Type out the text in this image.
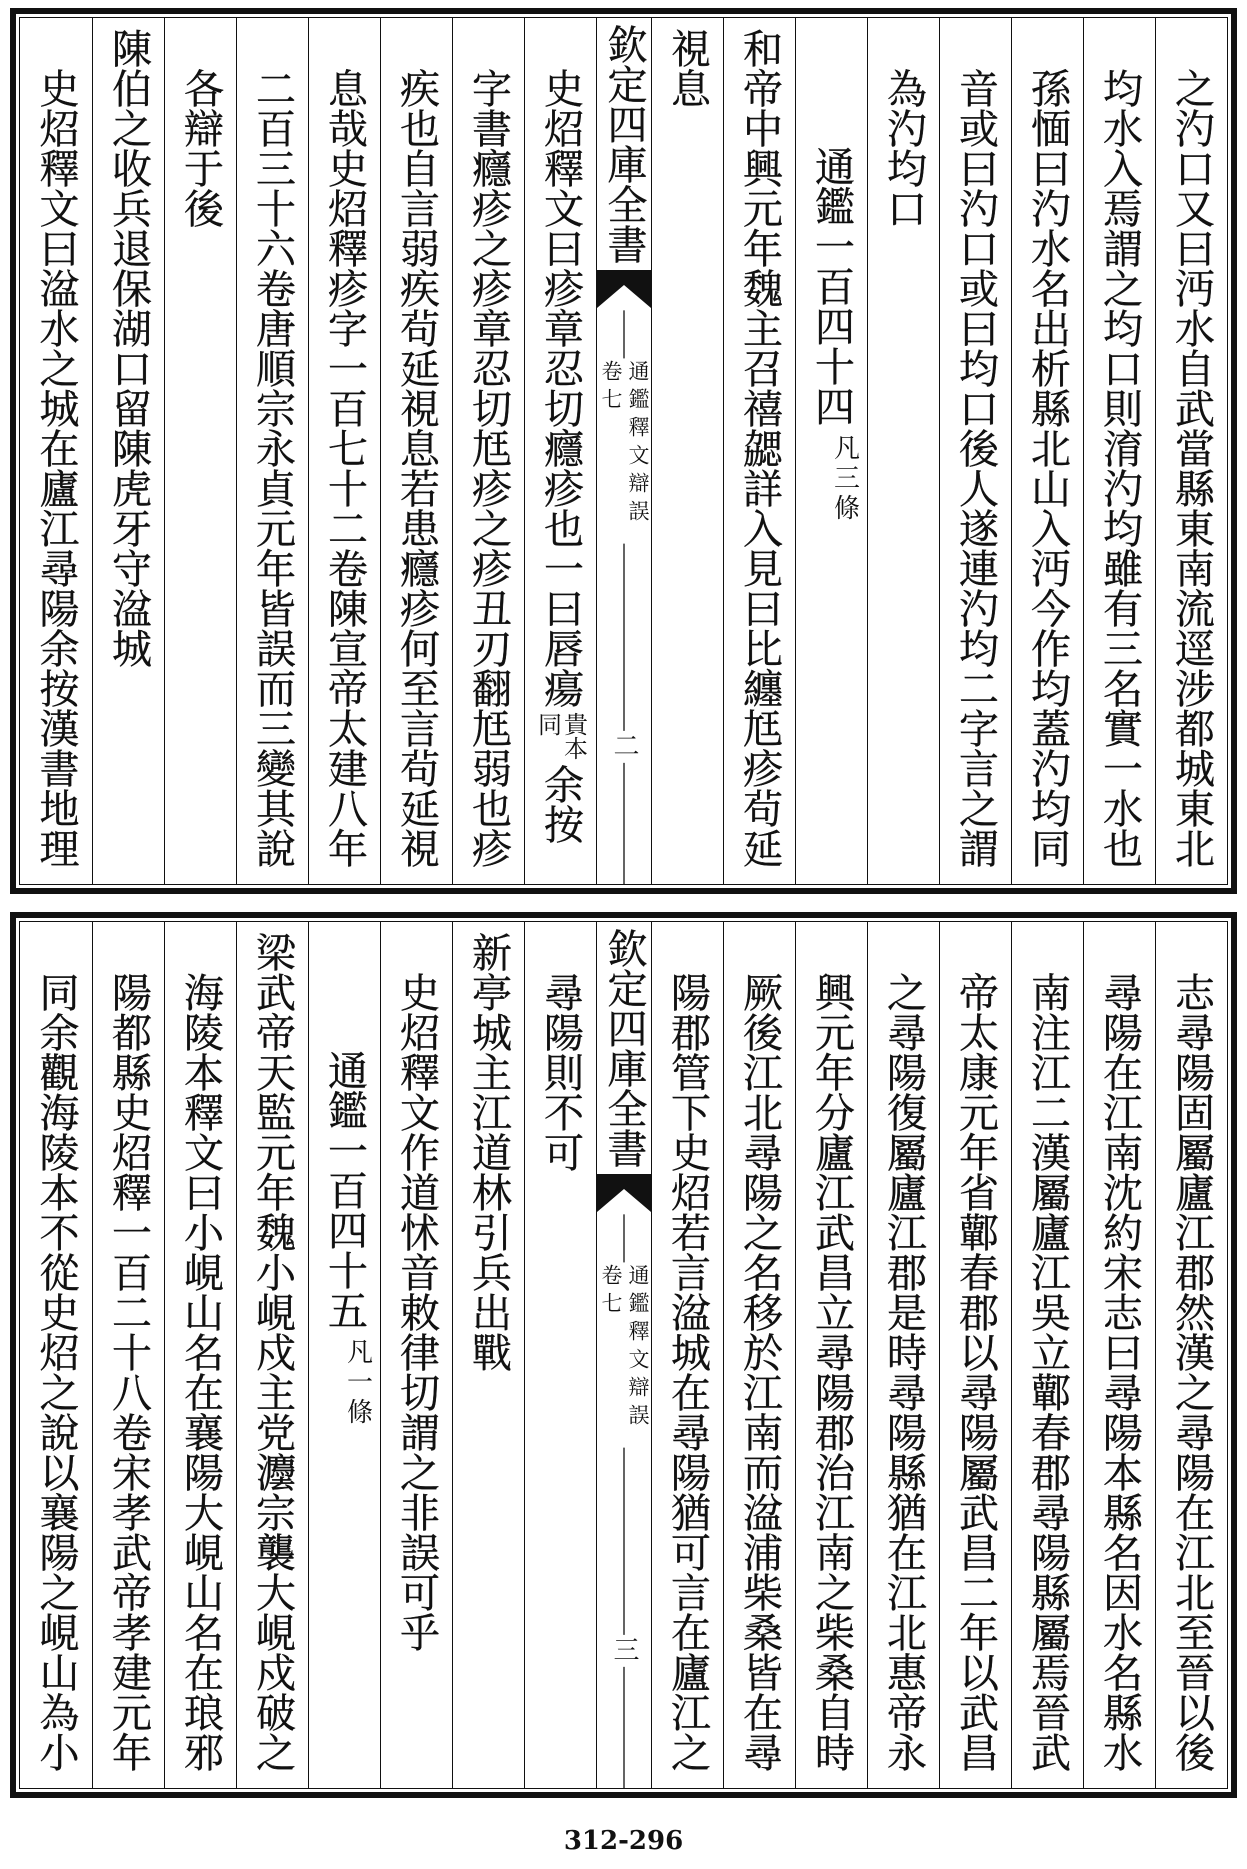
之汋口又曰沔水自武當縣東南流逕涉都城東北
均水入焉謂之均口則淯汋均雖有三名實一水也
孫愐曰汋水名出析縣北山入沔今作均蓋汋均同
音或曰汋口或曰均口後人遂連汋均二字言之謂
為汋均口
通鑑一百四十四
凡三條
和帝中興元年魏主召禧勰詳入見曰比纏尪疹茍延
視息
欽定四庫全書
通鑑釋文辯誤
卷七
二
史炤釋文曰疹章忍切癮疹也一曰唇瘍
貴本
同
余按
字書癮疹之疹章忍切尪疹之疹丑刃翻尪弱也疹
疾也自言弱疾茍延視息若患癮疹何至言茍延視
息哉史炤釋疹字一百七十二卷陳宣帝太建八年
二百三十六卷唐順宗永貞元年皆誤而三變其說
各辯于後
陳伯之收兵退保湖口留陳虎牙守湓城
史炤釋文曰湓水之城在廬江尋陽余按漢書地理
志尋陽固屬廬江郡然漢之尋陽在江北至晉以後
尋陽在江南沈約宋志曰尋陽本縣名因水名縣水
南注江二漢屬廬江吳立鄿春郡尋陽縣屬焉晉武
帝太康元年省鄿春郡以尋陽屬武昌二年以武昌
之尋陽復屬廬江郡是時尋陽縣猶在江北惠帝永
興元年分廬江武昌立尋陽郡治江南之柴桑自時
厥後江北尋陽之名移於江南而湓浦柴桑皆在尋
陽郡管下史炤若言湓城在尋陽猶可言在廬江之
欽定四庫全書
通鑑釋文辯誤
卷七
三
尋陽則不可
新亭城主江道林引兵出戰
史炤釋文作道怵音敕律切謂之非誤可乎
通鑑一百四十五
凡一條
梁武帝天監元年魏小峴戍主党灋宗襲大峴戍破之
海陵本釋文曰小峴山名在襄陽大峴山名在琅邪
陽都縣史炤釋一百二十八卷宋孝武帝孝建元年
同余觀海陵本不從史炤之說以襄陽之峴山為小
312-296
